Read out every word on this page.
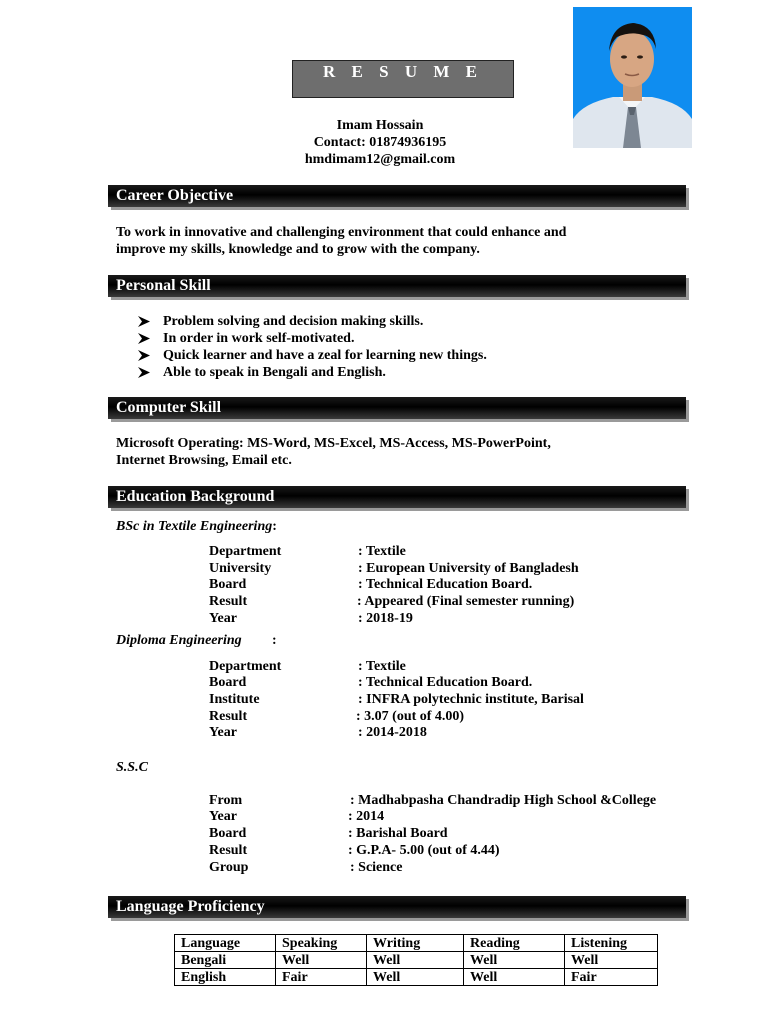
R E S U M E
Imam Hossain
Contact: 01874936195
hmdimam12@gmail.com
Career Objective
To work in innovative and challenging environment that could enhance and
improve my skills, knowledge and to grow with the company.
Personal Skill
Problem solving and decision making skills.
In order in work self-motivated.
Quick learner and have a zeal for learning new things.
Able to speak in Bengali and English.
Computer Skill
Microsoft Operating: MS-Word, MS-Excel, MS-Access, MS-PowerPoint,
Internet Browsing, Email etc.
Education Background
BSc in Textile Engineering:
Department	: Textile
University	: European University of Bangladesh
Board	: Technical Education Board.
Result	: Appeared (Final semester running)
Year	: 2018-19
Diploma Engineering :
Department	: Textile
Board	: Technical Education Board.
Institute	: INFRA polytechnic institute, Barisal
Result	: 3.07 (out of 4.00)
Year	: 2014-2018
S.S.C
From	: Madhabpasha Chandradip High School &College
Year	: 2014
Board	: Barishal Board
Result	: G.P.A- 5.00 (out of 4.44)
Group	: Science
Language Proficiency
Language	Speaking	Writing	Reading	Listening
Bengali	Well	Well	Well	Well
English	Fair	Well	Well	Fair
